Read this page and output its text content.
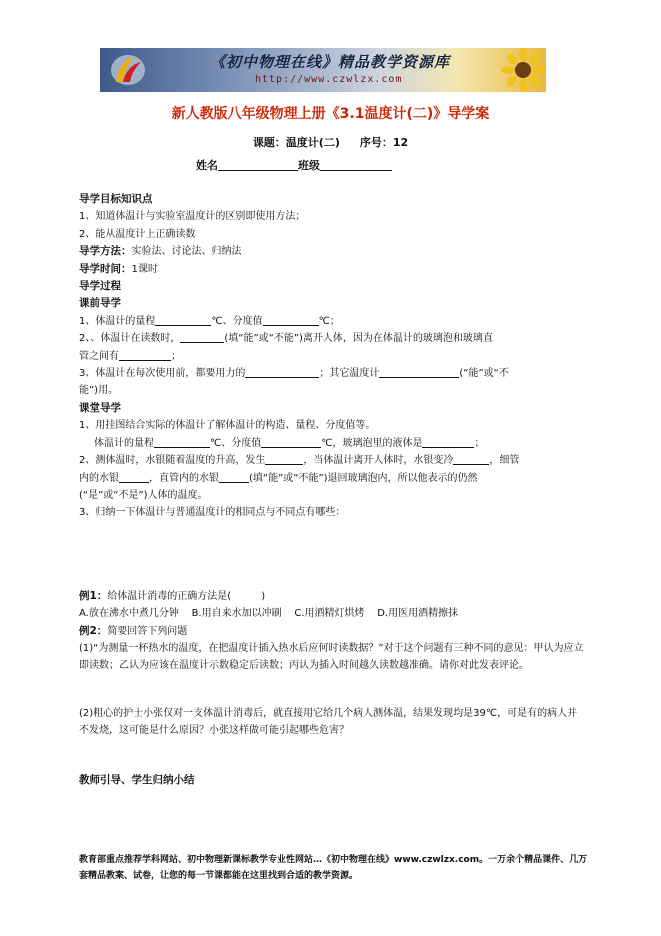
《初中物理在线》精品教学资源库
http://www.czwlzx.com
新人教版八年级物理上册《3.1温度计(二)》导学案
课题：温度计(二) 序号：12
姓名	班级

导学目标知识点

1、知道体温计与实验室温度计的区别即使用方法；

2、能从温度计上正确读数

导学方法：实验法、讨论法、归纳法

导学时间：1课时

导学过程

课前导学

1、体温计的量程	℃、分度值	℃；

2、、体温计在读数时，	(填“能”或“不能”)离开人体，因为在体温计的玻璃泡和玻璃直

管之间有	；

3、体温计在每次使用前，都要用力的	；其它温度计	(“能”或“不

能”)用。

课堂导学

1、用挂图结合实际的体温计了解体温计的构造、量程、分度值等。

体温计的量程	℃、分度值	℃，玻璃泡里的液体是	；

2、测体温时，水银随着温度的升高，发生	，当体温计离开人体时，水银变冷	，细管

内的水银	，直管内的水银	(填“能”或“不能”)退回玻璃泡内，所以他表示的仍然

(“是”或“不是”)人体的温度。

3、归纳一下体温计与普通温度计的相同点与不同点有哪些：

例1：给体温计消毒的正确方法是(　　　)

A.放在沸水中煮几分钟 B.用自来水加以冲刷 C.用酒精灯烘烤 D.用医用酒精擦抹

例2：简要回答下列问题

(1)“为测量一杯热水的温度，在把温度计插入热水后应何时读数据？”对于这个问题有三种不同的意见：甲认为应立即读数；乙认为应该在温度计示数稳定后读数；丙认为插入时间越久读数越准确。请你对此发表评论。

(2)粗心的护士小张仅对一支体温计消毒后，就直接用它给几个病人测体温，结果发现均是39℃，可是有的病人并不发烧，这可能是什么原因？小张这样做可能引起哪些危害？

教师引导、学生归纳小结

教育部重点推荐学科网站、初中物理新课标教学专业性网站…《初中物理在线》www.czwlzx.com。一万余个精品课件、几万套精品教案、试卷，让您的每一节课都能在这里找到合适的教学资源。
